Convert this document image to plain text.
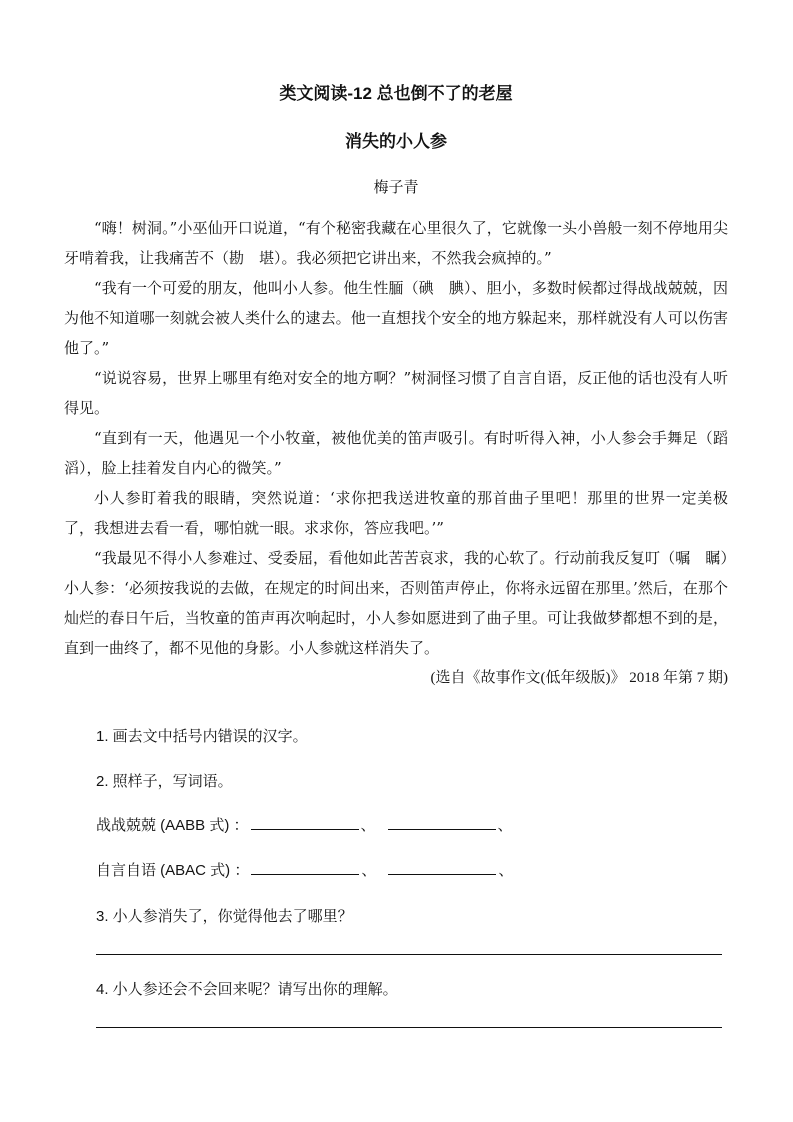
类文阅读-12 总也倒不了的老屋
消失的小人参
梅子青

“嗨！树洞。”小巫仙开口说道，“有个秘密我藏在心里很久了，它就像一头小兽般一刻不停地用尖牙啃着我，让我痛苦不（勘　堪）。我必须把它讲出来，不然我会疯掉的。”

“我有一个可爱的朋友，他叫小人参。他生性腼（碘　腆）、胆小，多数时候都过得战战兢兢，因为他不知道哪一刻就会被人类什么的逮去。他一直想找个安全的地方躲起来，那样就没有人可以伤害他了。”

“说说容易，世界上哪里有绝对安全的地方啊？”树洞怪习惯了自言自语，反正他的话也没有人听得见。

“直到有一天，他遇见一个小牧童，被他优美的笛声吸引。有时听得入神，小人参会手舞足（蹈　滔），脸上挂着发自内心的微笑。”

小人参盯着我的眼睛，突然说道：‘求你把我送进牧童的那首曲子里吧！那里的世界一定美极了，我想进去看一看，哪怕就一眼。求求你，答应我吧。’”

“我最见不得小人参难过、受委屈，看他如此苦苦哀求，我的心软了。行动前我反复叮（嘱　瞩）小人参：‘必须按我说的去做，在规定的时间出来，否则笛声停止，你将永远留在那里。’然后，在那个灿烂的春日午后，当牧童的笛声再次响起时，小人参如愿进到了曲子里。可让我做梦都想不到的是，直到一曲终了，都不见他的身影。小人参就这样消失了。

(选自《故事作文(低年级版)》 2018 年第 7 期)

1. 画去文中括号内错误的汉字。

2. 照样子，写词语。

战战兢兢 (AABB 式) ：	、	、
自言自语 (ABAC 式) ：	、	、

3. 小人参消失了，你觉得他去了哪里？

4. 小人参还会不会回来呢？请写出你的理解。
